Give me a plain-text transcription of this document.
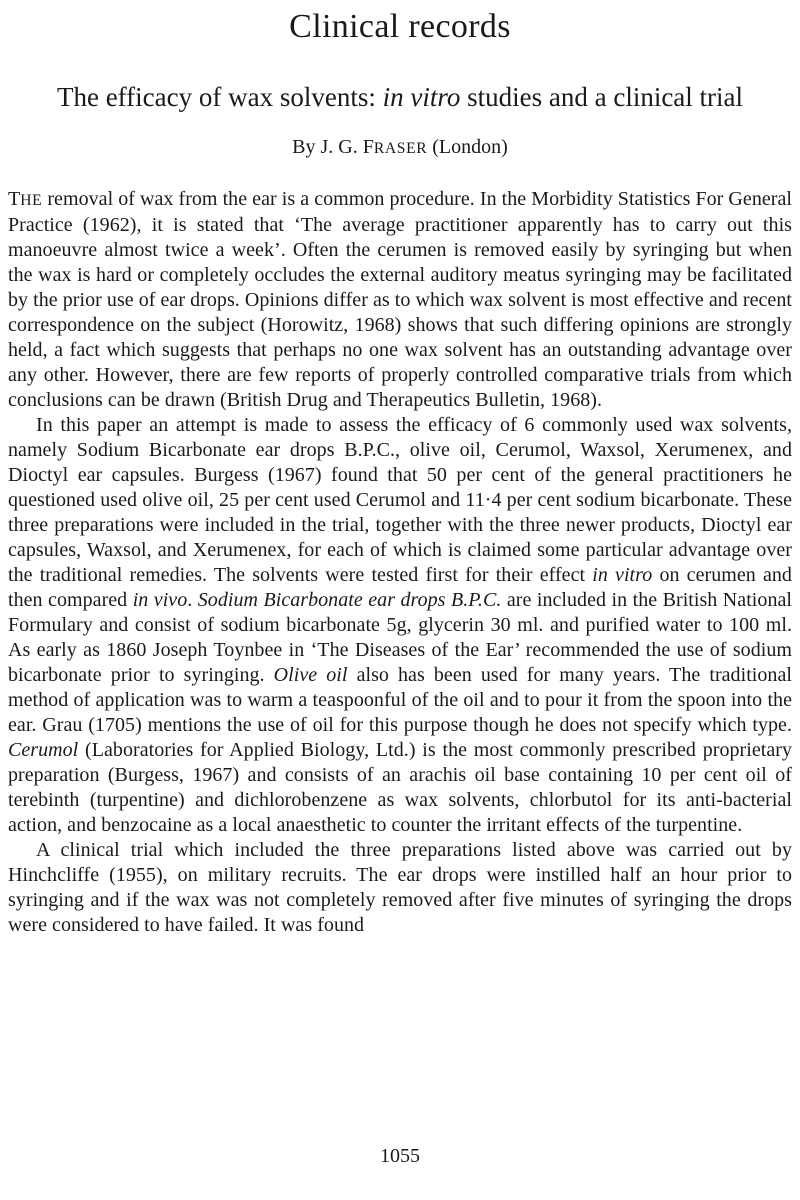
Clinical records
The efficacy of wax solvents: in vitro studies and a clinical trial
By J. G. FRASER (London)

THE removal of wax from the ear is a common procedure. In the Morbidity Statistics For General Practice (1962), it is stated that ‘The average practitioner apparently has to carry out this manoeuvre almost twice a week’. Often the cerumen is removed easily by syringing but when the wax is hard or completely occludes the external auditory meatus syringing may be facilitated by the prior use of ear drops. Opinions differ as to which wax solvent is most effective and recent correspondence on the subject (Horowitz, 1968) shows that such differing opinions are strongly held, a fact which suggests that perhaps no one wax solvent has an outstanding advantage over any other. However, there are few reports of properly controlled comparative trials from which conclusions can be drawn (British Drug and Therapeutics Bulletin, 1968).

In this paper an attempt is made to assess the efficacy of 6 commonly used wax solvents, namely Sodium Bicarbonate ear drops B.P.C., olive oil, Cerumol, Waxsol, Xerumenex, and Dioctyl ear capsules. Burgess (1967) found that 50 per cent of the general practitioners he questioned used olive oil, 25 per cent used Cerumol and 11·4 per cent sodium bicarbonate. These three preparations were included in the trial, together with the three newer products, Dioctyl ear capsules, Waxsol, and Xerumenex, for each of which is claimed some particular advantage over the traditional remedies. The solvents were tested first for their effect in vitro on cerumen and then compared in vivo. Sodium Bicarbonate ear drops B.P.C. are included in the British National Formulary and consist of sodium bicarbonate 5g, glycerin 30 ml. and purified water to 100 ml. As early as 1860 Joseph Toynbee in ‘The Diseases of the Ear’ recommended the use of sodium bicarbonate prior to syringing. Olive oil also has been used for many years. The traditional method of application was to warm a teaspoonful of the oil and to pour it from the spoon into the ear. Grau (1705) mentions the use of oil for this purpose though he does not specify which type. Cerumol (Laboratories for Applied Biology, Ltd.) is the most commonly prescribed proprietary preparation (Burgess, 1967) and consists of an arachis oil base containing 10 per cent oil of terebinth (turpentine) and dichlorobenzene as wax solvents, chlorbutol for its anti-bacterial action, and benzocaine as a local anaesthetic to counter the irritant effects of the turpentine.

A clinical trial which included the three preparations listed above was carried out by Hinchcliffe (1955), on military recruits. The ear drops were instilled half an hour prior to syringing and if the wax was not completely removed after five minutes of syringing the drops were considered to have failed. It was found

1055
